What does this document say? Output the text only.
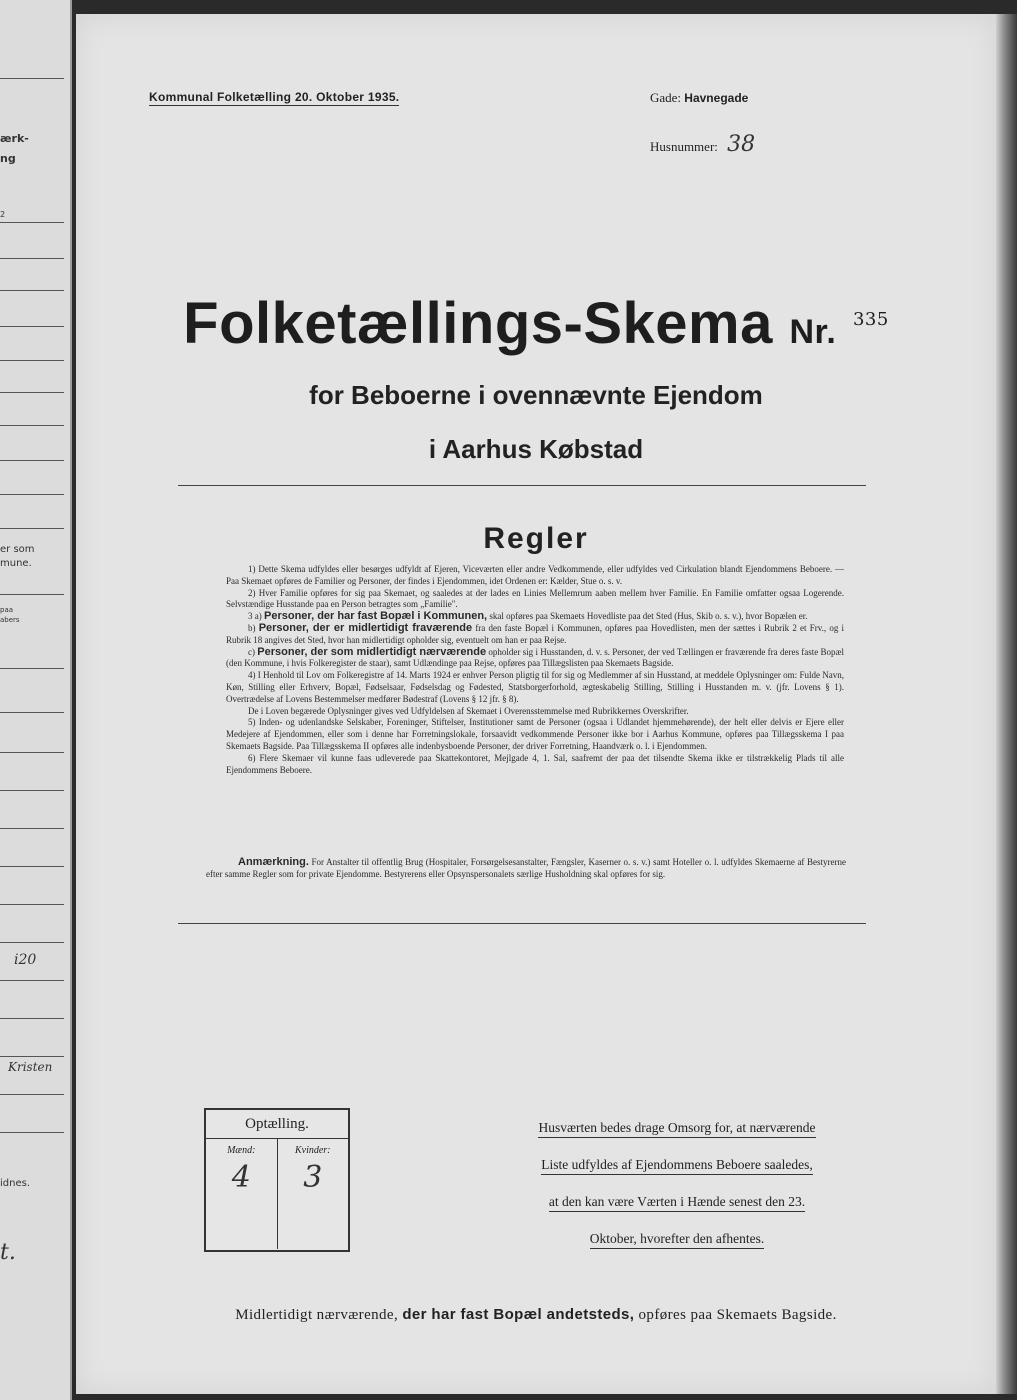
ærk-
ng
2
er som
mune.
paa
abers
i20
Kristen
idnes.
t.
Kommunal Folketælling 20. Oktober 1935.	Gade: Havnegade
Husnummer: 38
Folketællings-Skema Nr. $^{335}$
for Beboerne i ovennævnte Ejendom
i Aarhus Købstad
Regler

1) Dette Skema udfyldes eller besørges udfyldt af Ejeren, Viceværten eller andre Vedkommende, eller udfyldes ved Cirkulation blandt Ejendommens Beboere. — Paa Skemaet opføres de Familier og Personer, der findes i Ejendommen, idet Ordenen er: Kælder, Stue o. s. v.

2) Hver Familie opføres for sig paa Skemaet, og saaledes at der lades en Linies Mellemrum aaben mellem hver Familie. En Familie omfatter ogsaa Logerende. Selvstændige Husstande paa en Person betragtes som „Familie".

3 a) Personer, der har fast Bopæl i Kommunen, skal opføres paa Skemaets Hovedliste paa det Sted (Hus, Skib o. s. v.), hvor Bopælen er.

b) Personer, der er midlertidigt fraværende fra den faste Bopæl i Kommunen, opføres paa Hovedlisten, men der sættes i Rubrik 2 et Frv., og i Rubrik 18 angives det Sted, hvor han midlertidigt opholder sig, eventuelt om han er paa Rejse.

c) Personer, der som midlertidigt nærværende opholder sig i Husstanden, d. v. s. Personer, der ved Tællingen er fraværende fra deres faste Bopæl (den Kommune, i hvis Folkeregister de staar), samt Udlændinge paa Rejse, opføres paa Tillægslisten paa Skemaets Bagside.

4) I Henhold til Lov om Folkeregistre af 14. Marts 1924 er enhver Person pligtig til for sig og Medlemmer af sin Husstand, at meddele Oplysninger om: Fulde Navn, Køn, Stilling eller Erhverv, Bopæl, Fødselsaar, Fødselsdag og Fødested, Statsborgerforhold, ægteskabelig Stilling, Stilling i Husstanden m. v. (jfr. Lovens § 1). Overtrædelse af Lovens Bestemmelser medfører Bødestraf (Lovens § 12 jfr. § 8).

De i Loven begærede Oplysninger gives ved Udfyldelsen af Skemaet i Overensstemmelse med Rubrikkernes Overskrifter.

5) Inden- og udenlandske Selskaber, Foreninger, Stiftelser, Institutioner samt de Personer (ogsaa i Udlandet hjemmehørende), der helt eller delvis er Ejere eller Medejere af Ejendommen, eller som i denne har Forretningslokale, forsaavidt vedkommende Personer ikke bor i Aarhus Kommune, opføres paa Tillægsskema I paa Skemaets Bagside. Paa Tillægsskema II opføres alle indenbysboende Personer, der driver Forretning, Haandværk o. l. i Ejendommen.

6) Flere Skemaer vil kunne faas udleverede paa Skattekontoret, Mejlgade 4, 1. Sal, saafremt der paa det tilsendte Skema ikke er tilstrækkelig Plads til alle Ejendommens Beboere.

Anmærkning. For Anstalter til offentlig Brug (Hospitaler, Forsørgelsesanstalter, Fængsler, Kaserner o. s. v.) samt Hoteller o. l. udfyldes Skemaerne af Bestyrerne efter samme Regler som for private Ejendomme. Bestyrerens eller Opsynspersonalets særlige Husholdning skal opføres for sig.
Optælling.
Mænd:
4
Kvinder:
3
Husværten bedes drage Omsorg for, at nærværende
Liste udfyldes af Ejendommens Beboere saaledes,
at den kan være Værten i Hænde senest den 23.
Oktober, hvorefter den afhentes.
Midlertidigt nærværende, der har fast Bopæl andetsteds, opføres paa Skemaets Bagside.
